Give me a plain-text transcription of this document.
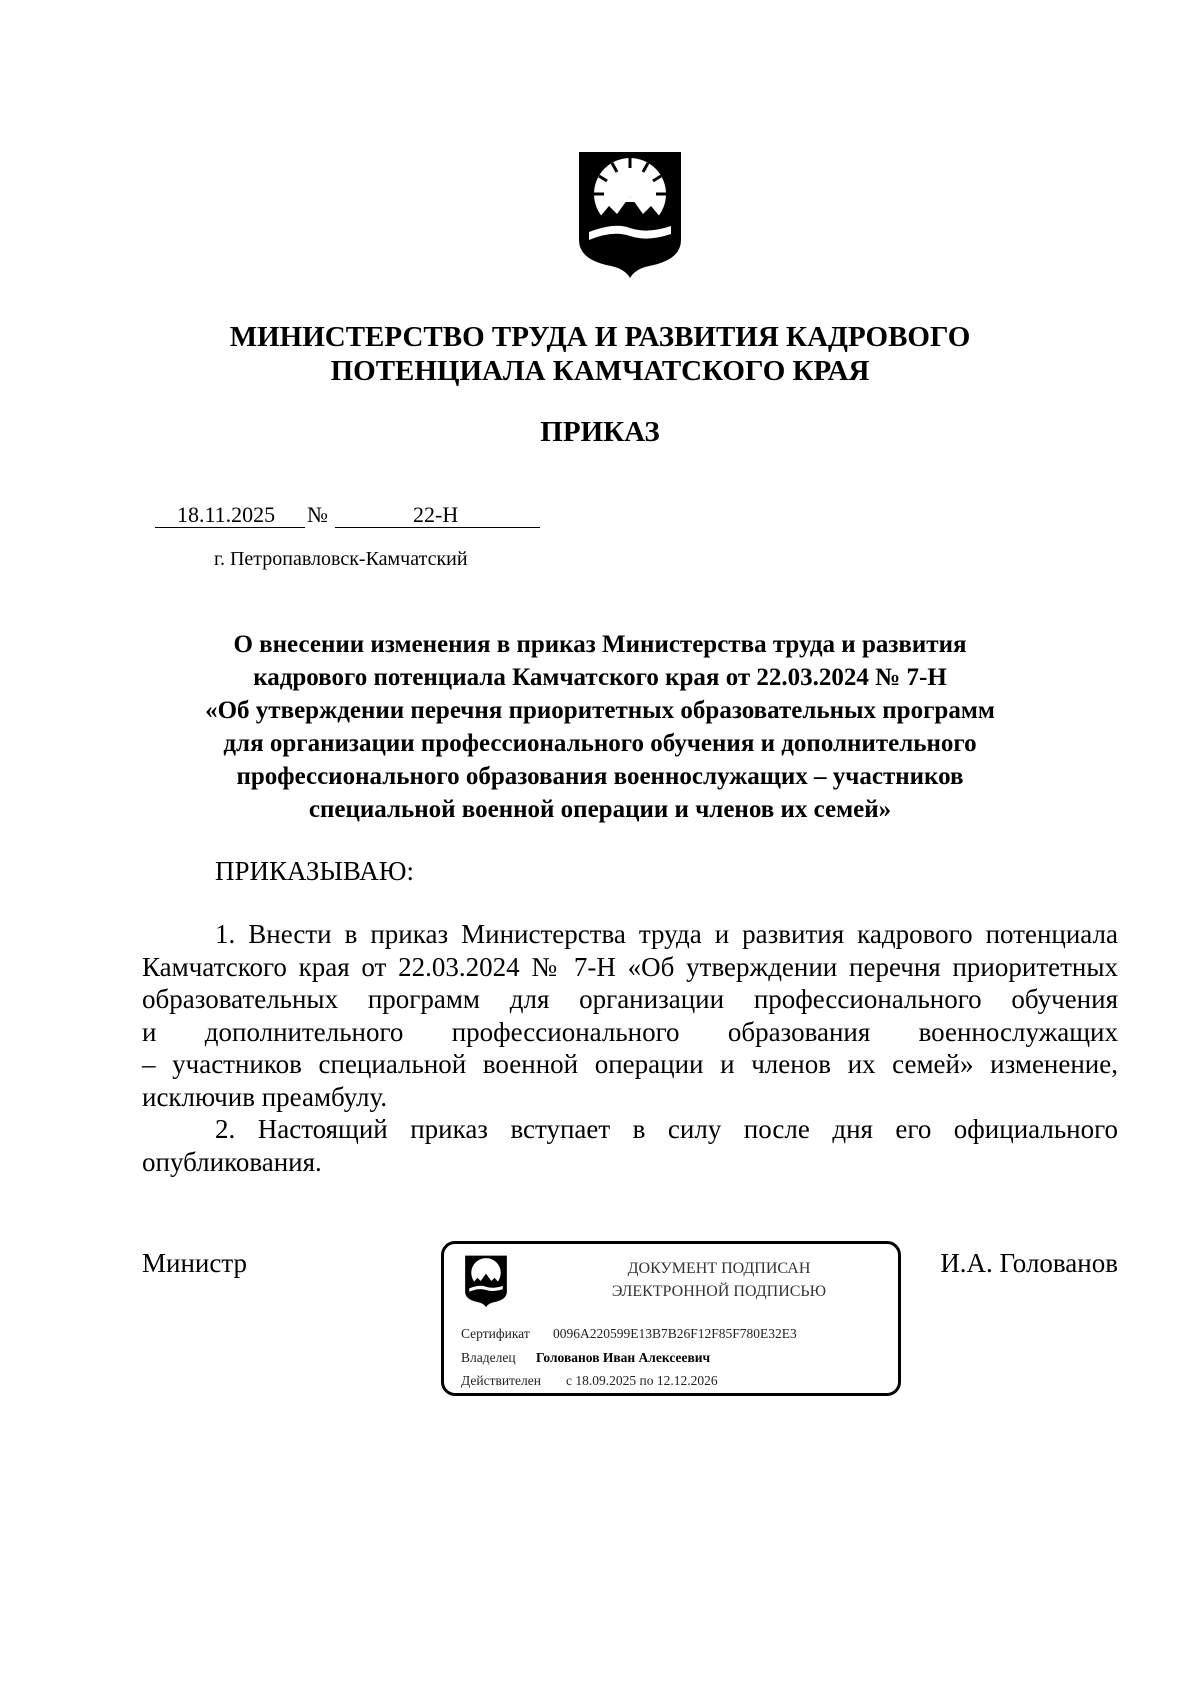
МИНИСТЕРСТВО ТРУДА И РАЗВИТИЯ КАДРОВОГО
ПОТЕНЦИАЛА КАМЧАТСКОГО КРАЯ
ПРИКАЗ
18.11.2025 №	22-Н
г. Петропавловск-Камчатский
О внесении изменения в приказ Министерства труда и развития
кадрового потенциала Камчатского края от 22.03.2024 № 7-Н
«Об утверждении перечня приоритетных образовательных программ
для организации профессионального обучения и дополнительного
профессионального образования военнослужащих – участников
специальной военной операции и членов их семей»
ПРИКАЗЫВАЮ:
1. Внести в приказ Министерства труда и развития кадрового потенциала
Камчатского края от 22.03.2024 № 7-Н «Об утверждении перечня приоритетных
образовательных программ для организации профессионального обучения
и дополнительного профессионального образования военнослужащих
– участников специальной военной операции и членов их семей» изменение,
исключив преамбулу.
2. Настоящий приказ вступает в силу после дня его официального
опубликования.
Министр	И.А. Голованов
ДОКУМЕНТ ПОДПИСАН
ЭЛЕКТРОННОЙ ПОДПИСЬЮ
Сертификат 0096A220599E13B7B26F12F85F780E32E3
Владелец Голованов Иван Алексеевич
Действителен с 18.09.2025 по 12.12.2026
